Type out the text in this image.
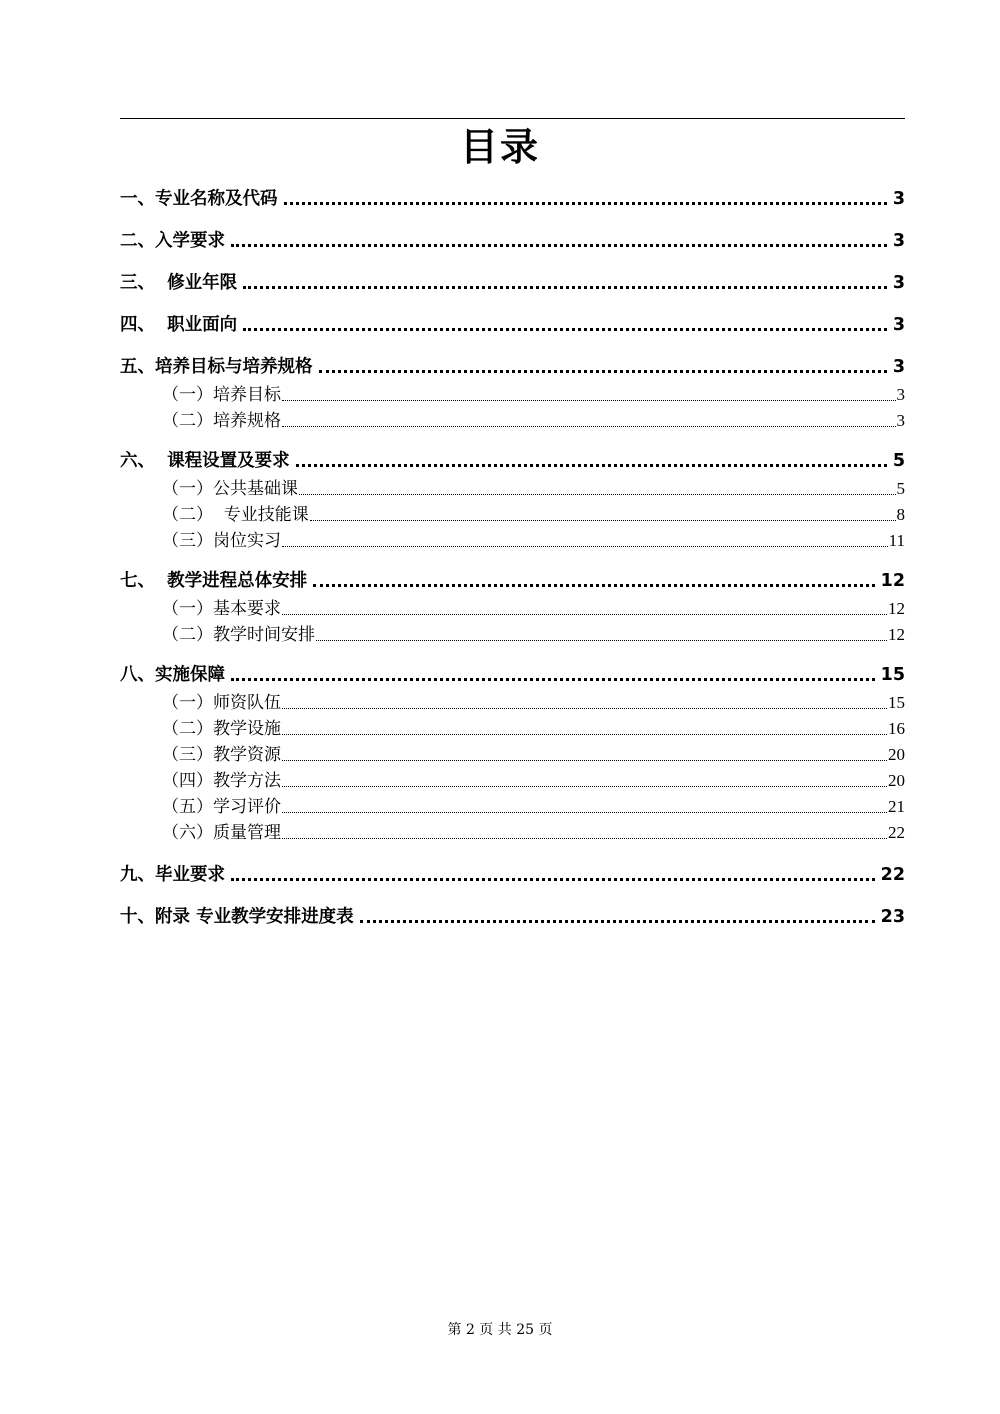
目录
一、专业名称及代码	3
二、入学要求	3
三、  修业年限	3
四、  职业面向	3
五、培养目标与培养规格	3
（一）培养目标	3
（二）培养规格	3
六、  课程设置及要求	5
（一）公共基础课	5
（二）  专业技能课	8
（三）岗位实习	11
七、  教学进程总体安排	12
（一）基本要求	12
（二）教学时间安排	12
八、实施保障	15
（一）师资队伍	15
（二）教学设施	16
（三）教学资源	20
（四）教学方法	20
（五）学习评价	21
（六）质量管理	22
九、毕业要求	22
十、附录 专业教学安排进度表	23
第 2 页 共 25 页
